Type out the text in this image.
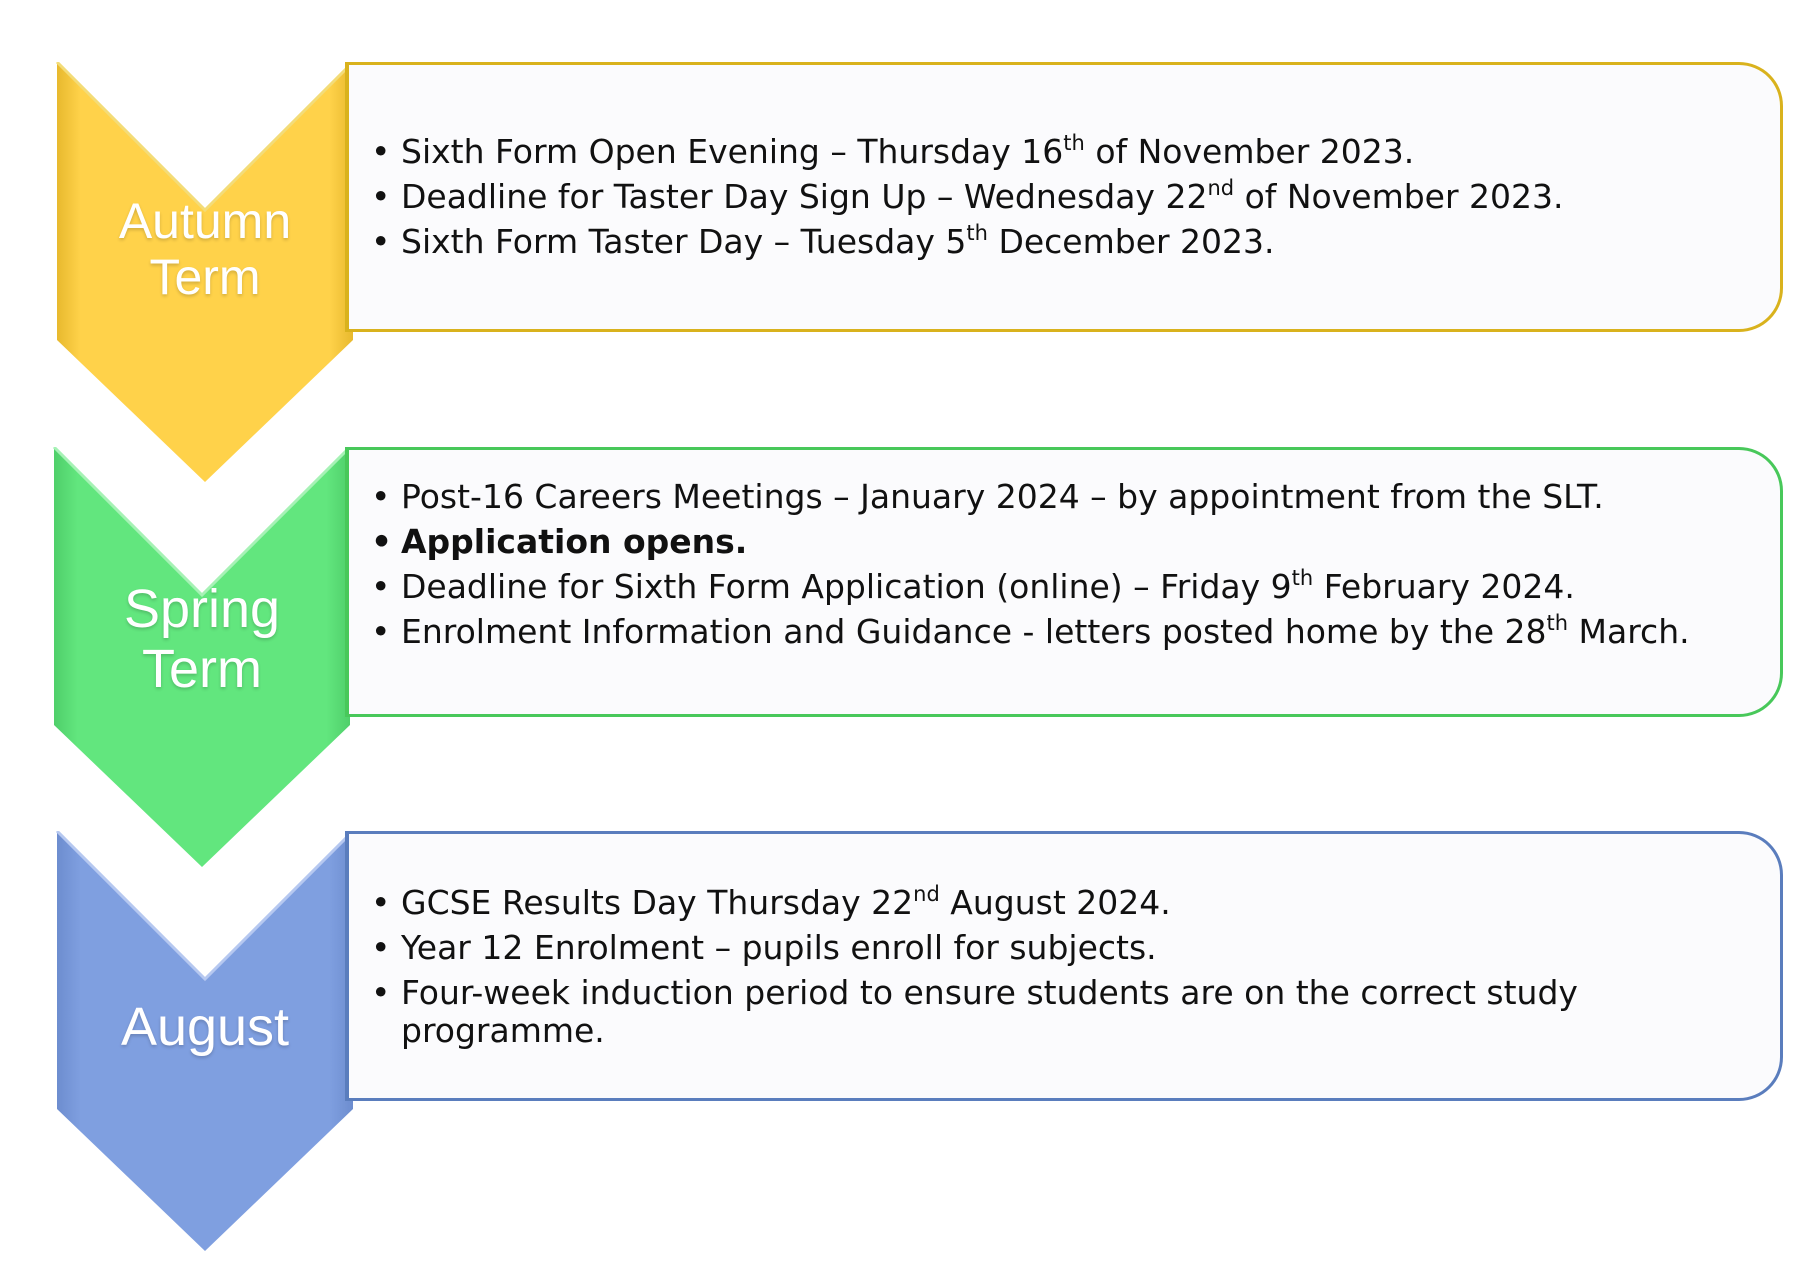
Autumn
Term
• Sixth Form Open Evening – Thursday 16th of November 2023.
• Deadline for Taster Day Sign Up – Wednesday 22nd of November 2023.
• Sixth Form Taster Day – Tuesday 5th December 2023.
Spring
Term
• Post-16 Careers Meetings – January 2024 – by appointment from the SLT.
• Application opens.
• Deadline for Sixth Form Application (online) – Friday 9th February 2024.
• Enrolment Information and Guidance - letters posted home by the 28th March.
August
• GCSE Results Day Thursday 22nd August 2024.
• Year 12 Enrolment – pupils enroll for subjects.
• Four-week induction period to ensure students are on the correct study programme.
